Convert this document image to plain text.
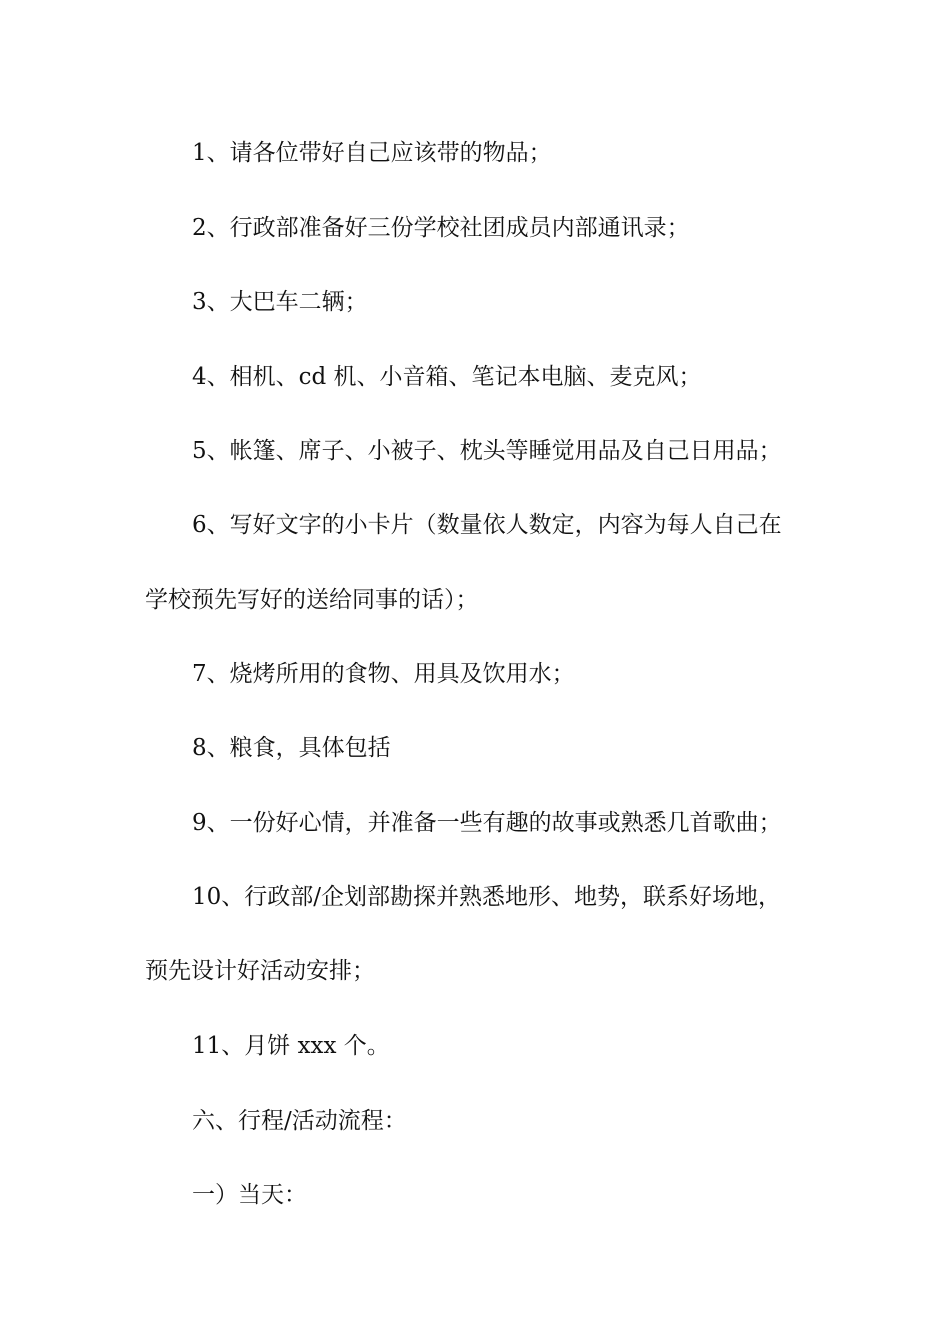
1、请各位带好自己应该带的物品；
2、行政部准备好三份学校社团成员内部通讯录；
3、大巴车二辆；
4、相机、cd 机、小音箱、笔记本电脑、麦克风；
5、帐篷、席子、小被子、枕头等睡觉用品及自己日用品；
6、写好文字的小卡片（数量依人数定，内容为每人自己在
学校预先写好的送给同事的话）；
7、烧烤所用的食物、用具及饮用水；
8、粮食，具体包括
9、一份好心情，并准备一些有趣的故事或熟悉几首歌曲；
10、行政部/企划部勘探并熟悉地形、地势，联系好场地，
预先设计好活动安排；
11、月饼 xxx 个。
六、行程/活动流程：
一）当天：
